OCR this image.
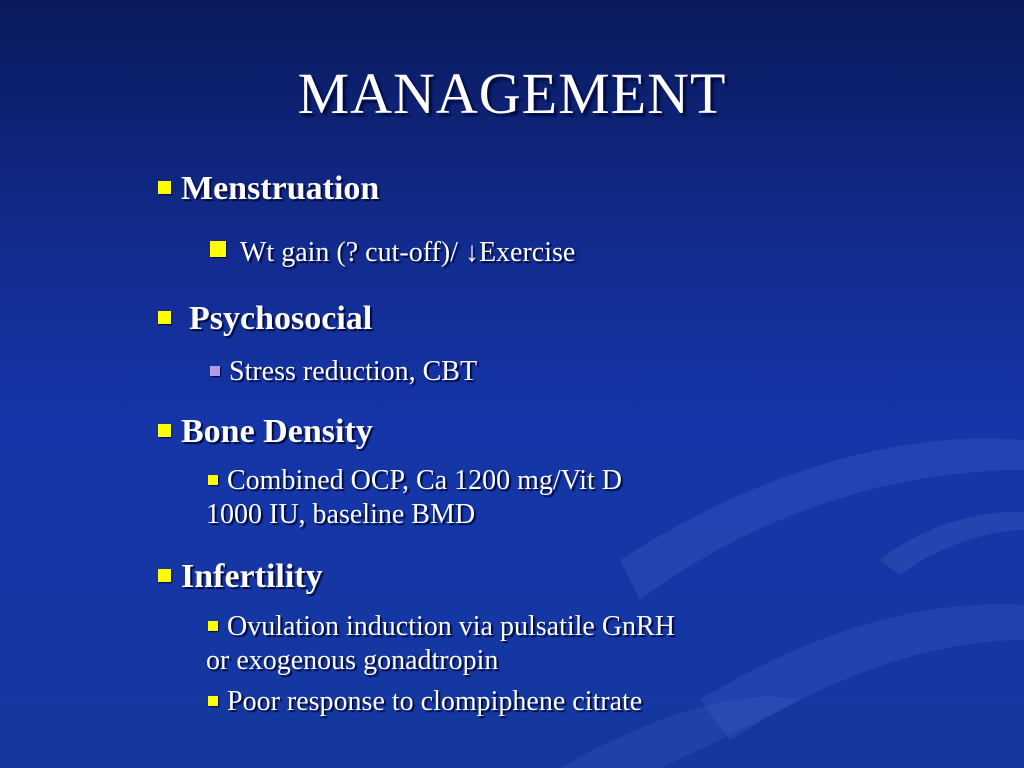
MANAGEMENT
Menstruation
Wt gain (? cut-off)/ ↓Exercise
Psychosocial
Stress reduction, CBT
Bone Density
Combined OCP, Ca 1200 mg/Vit D
1000 IU, baseline BMD
Infertility
Ovulation induction via pulsatile GnRH
or exogenous gonadtropin
Poor response to clompiphene citrate
